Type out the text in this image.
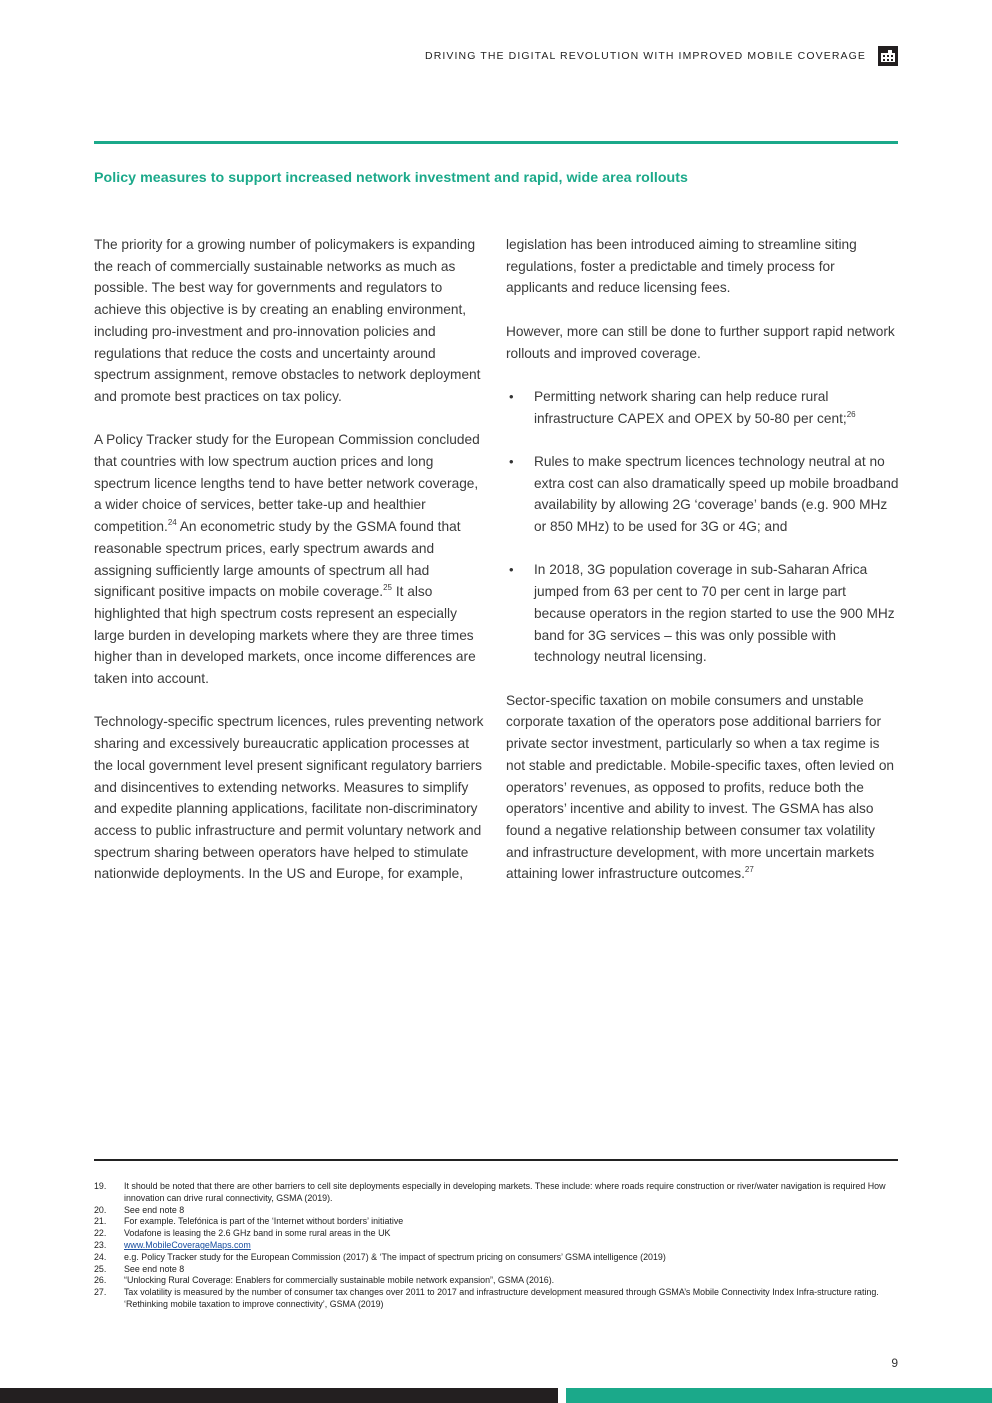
DRIVING THE DIGITAL REVOLUTION WITH IMPROVED MOBILE COVERAGE
Policy measures to support increased network investment and rapid, wide area rollouts

The priority for a growing number of policymakers is expanding the reach of commercially sustainable networks as much as possible. The best way for governments and regulators to achieve this objective is by creating an enabling environment, including pro-investment and pro-innovation policies and regulations that reduce the costs and uncertainty around spectrum assignment, remove obstacles to network deployment and promote best practices on tax policy.

A Policy Tracker study for the European Commission concluded that countries with low spectrum auction prices and long spectrum licence lengths tend to have better network coverage, a wider choice of services, better take-up and healthier competition.$^{24}$ An econometric study by the GSMA found that reasonable spectrum prices, early spectrum awards and assigning sufficiently large amounts of spectrum all had significant positive impacts on mobile coverage.$^{25}$ It also highlighted that high spectrum costs represent an especially large burden in developing markets where they are three times higher than in developed markets, once income differences are taken into account.

Technology-specific spectrum licences, rules preventing network sharing and excessively bureaucratic application processes at the local government level present significant regulatory barriers and disincentives to extending networks. Measures to simplify and expedite planning applications, facilitate non-discriminatory access to public infrastructure and permit voluntary network and spectrum sharing between operators have helped to stimulate nationwide deployments. In the US and Europe, for example,

legislation has been introduced aiming to streamline siting regulations, foster a predictable and timely process for applicants and reduce licensing fees.

However, more can still be done to further support rapid network rollouts and improved coverage.

• Permitting network sharing can help reduce rural infrastructure CAPEX and OPEX by 50-80 per cent;$^{26}$
• Rules to make spectrum licences technology neutral at no extra cost can also dramatically speed up mobile broadband availability by allowing 2G ‘coverage’ bands (e.g. 900 MHz or 850 MHz) to be used for 3G or 4G; and
• In 2018, 3G population coverage in sub-Saharan Africa jumped from 63 per cent to 70 per cent in large part because operators in the region started to use the 900 MHz band for 3G services – this was only possible with technology neutral licensing.

Sector-specific taxation on mobile consumers and unstable corporate taxation of the operators pose additional barriers for private sector investment, particularly so when a tax regime is not stable and predictable. Mobile-specific taxes, often levied on operators’ revenues, as opposed to profits, reduce both the operators’ incentive and ability to invest. The GSMA has also found a negative relationship between consumer tax volatility and infrastructure development, with more uncertain markets attaining lower infrastructure outcomes.$^{27}$

19.	It should be noted that there are other barriers to cell site deployments especially in developing markets. These include: where roads require construction or river/water navigation is required How innovation can drive rural connectivity, GSMA (2019).
20.	See end note 8
21.	For example. Telefónica is part of the ‘Internet without borders’ initiative
22.	Vodafone is leasing the 2.6 GHz band in some rural areas in the UK
23.	www.MobileCoverageMaps.com
24.	e.g. Policy Tracker study for the European Commission (2017) & ‘The impact of spectrum pricing on consumers’ GSMA intelligence (2019)
25.	See end note 8
26.	“Unlocking Rural Coverage: Enablers for commercially sustainable mobile network expansion”, GSMA (2016).
27.	Tax volatility is measured by the number of consumer tax changes over 2011 to 2017 and infrastructure development measured through GSMA’s Mobile Connectivity Index Infra-structure rating. ‘Rethinking mobile taxation to improve connectivity’, GSMA (2019)
9
